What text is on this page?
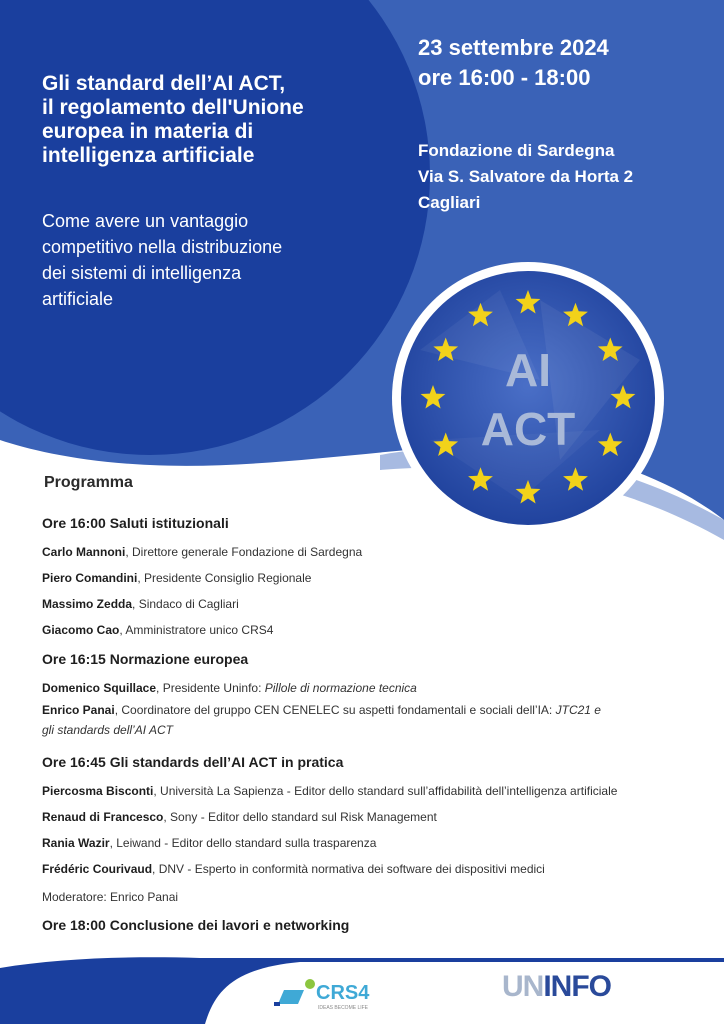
AI
ACT
Gli standard dell’AI ACT,
il regolamento dell'Unione
europea in materia di
intelligenza artificiale
Come avere un vantaggio
competitivo nella distribuzione
dei sistemi di intelligenza
artificiale
23 settembre 2024
ore 16:00 - 18:00
Fondazione di Sardegna
Via S. Salvatore da Horta 2
Cagliari
Programma
Ore 16:00 Saluti istituzionali
Carlo Mannoni, Direttore generale Fondazione di Sardegna
Piero Comandini, Presidente Consiglio Regionale
Massimo Zedda, Sindaco di Cagliari
Giacomo Cao, Amministratore unico CRS4
Ore 16:15 Normazione europea
Domenico Squillace, Presidente Uninfo: Pillole di normazione tecnica
Enrico Panai, Coordinatore del gruppo CEN CENELEC su aspetti fondamentali e sociali dell’IA: JTC21 e
gli standards dell’AI ACT
Ore 16:45 Gli standards dell’AI ACT in pratica
Piercosma Bisconti, Università La Sapienza - Editor dello standard sull’affidabilità dell’intelligenza artificiale
Renaud di Francesco, Sony - Editor dello standard sul Risk Management
Rania Wazir, Leiwand - Editor dello standard sulla trasparenza
Frédéric Courivaud, DNV - Esperto in conformità normativa dei software dei dispositivi medici
Moderatore: Enrico Panai
Ore 18:00 Conclusione dei lavori e networking
CRS4
IDEAS BECOME LIFE
UNINFO
